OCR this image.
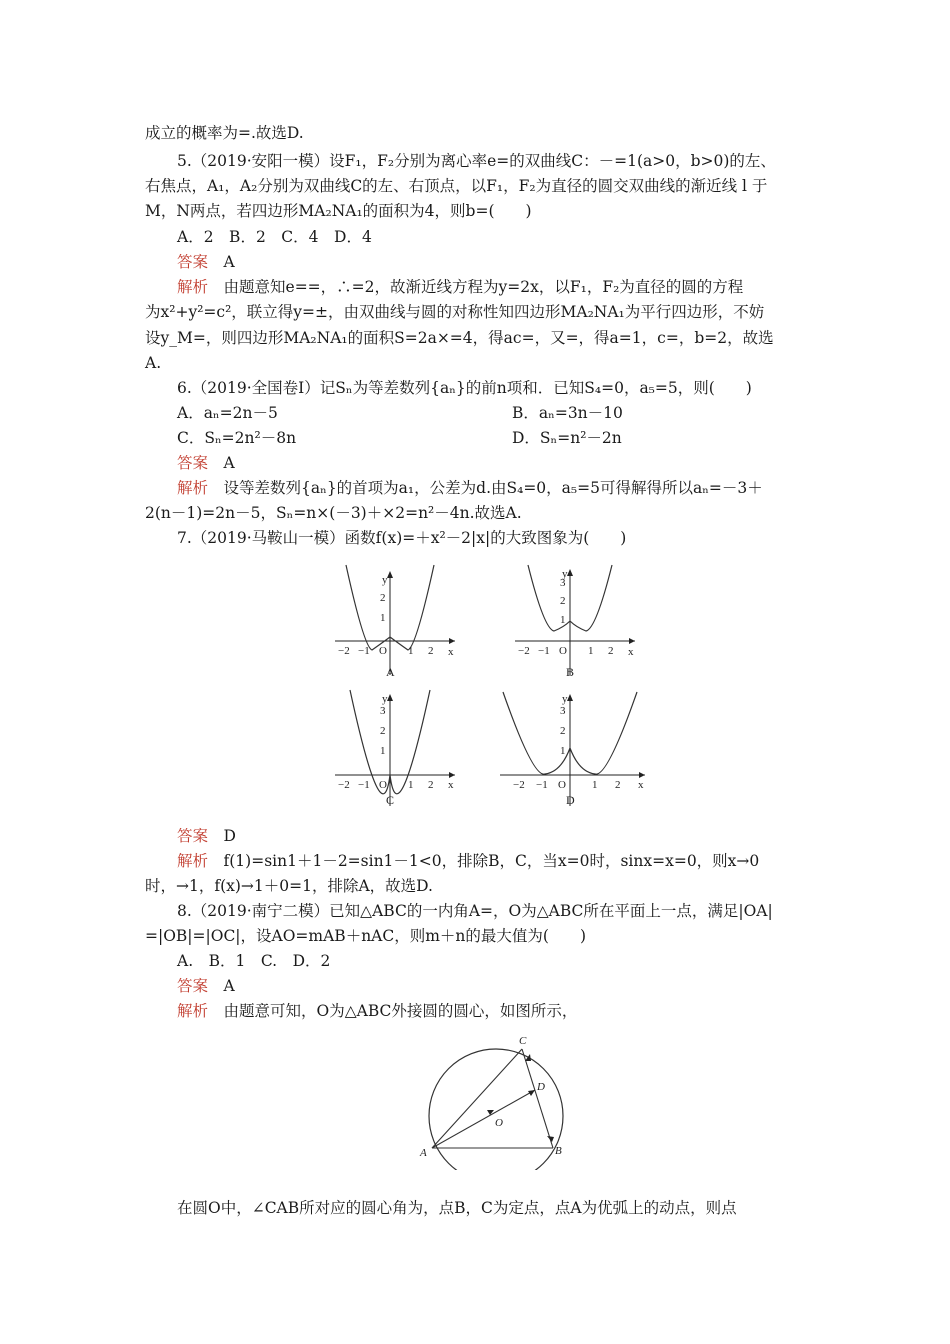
成立的概率为=.故选D.
5.（2019·安阳一模）设F₁，F₂分别为离心率e=的双曲线C：－=1(a>0，b>0)的左、
右焦点，A₁，A₂分别为双曲线C的左、右顶点，以F₁，F₂为直径的圆交双曲线的渐近线 l 于
M，N两点，若四边形MA₂NA₁的面积为4，则b=(　　)
A．2　B．2　C．4　D．4
答案　A
解析　由题意知e==，∴=2，故渐近线方程为y=2x，以F₁，F₂为直径的圆的方程
为x²+y²=c²，联立得y=±，由双曲线与圆的对称性知四边形MA₂NA₁为平行四边形，不妨
设y_M=，则四边形MA₂NA₁的面积S=2a×=4，得ac=，又=，得a=1，c=，b=2，故选
A.
6.（2019·全国卷Ⅰ）记Sₙ为等差数列{aₙ}的前n项和．已知S₄=0，a₅=5，则(　　)
A．aₙ=2n－5	B．aₙ=3n－10
C．Sₙ=2n²－8n	D．Sₙ=n²－2n
答案　A
解析　设等差数列{aₙ}的首项为a₁，公差为d.由S₄=0，a₅=5可得解得所以aₙ=－3＋
2(n－1)=2n－5，Sₙ=n×(－3)＋×2=n²－4n.故选A.
7.（2019·马鞍山一模）函数f(x)=＋x²－2|x|的大致图象为(　　)
y
x
2
1
−2 −1 O 1 2
A
y
x
3
2
1
−2 −1 O 1 2
B
y
x
3
2
1
−2 −1 O 1 2
C
y
x
3
2
1
−2 −1 O 1 2
D
答案　D
解析　f(1)=sin1＋1－2=sin1－1<0，排除B，C，当x=0时，sinx=x=0，则x→0
时，→1，f(x)→1＋0=1，排除A，故选D.
8.（2019·南宁二模）已知△ABC的一内角A=，O为△ABC所在平面上一点，满足|OA|
=|OB|=|OC|，设AO=mAB＋nAC，则m＋n的最大值为(　　)
A.　B．1　C.　D．2
答案　A
解析　由题意可知，O为△ABC外接圆的圆心，如图所示，
C
D
O
A	B
在圆O中，∠CAB所对应的圆心角为，点B，C为定点，点A为优弧上的动点，则点
